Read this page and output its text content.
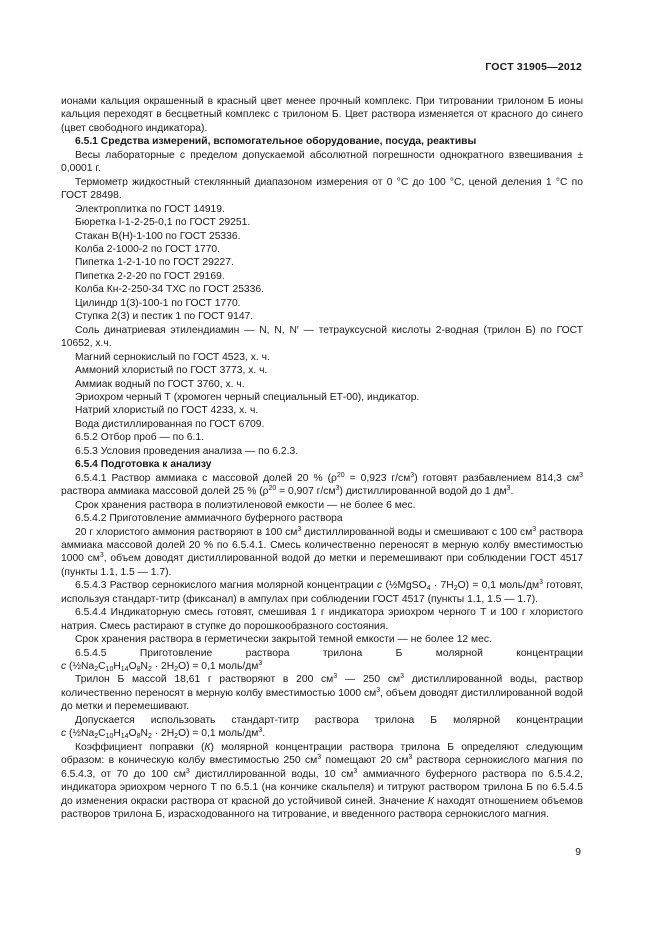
ГОСТ 31905—2012

ионами кальция окрашенный в красный цвет менее прочный комплекс. При титровании трилоном Б ионы кальция переходят в бесцветный комплекс с трилоном Б. Цвет раствора изменяется от красного до синего (цвет свободного индикатора).

6.5.1 Средства измерений, вспомогательное оборудование, посуда, реактивы

Весы лабораторные с пределом допускаемой абсолютной погрешности однократного взвешивания ± 0,0001 г.

Термометр жидкостный стеклянный диапазоном измерения от 0 °С до 100 °С, ценой деления 1 °С по ГОСТ 28498.

Электроплитка по ГОСТ 14919.

Бюретка I-1-2-25-0,1 по ГОСТ 29251.

Стакан В(Н)-1-100 по ГОСТ 25336.

Колба 2-1000-2 по ГОСТ 1770.

Пипетка 1-2-1-10 по ГОСТ 29227.

Пипетка 2-2-20 по ГОСТ 29169.

Колба Кн-2-250-34 ТХС по ГОСТ 25336.

Цилиндр 1(3)-100-1 по ГОСТ 1770.

Ступка 2(3) и пестик 1 по ГОСТ 9147.

Соль динатриевая этилендиамин — N, N, N′ — тетрауксусной кислоты 2-водная (трилон Б) по ГОСТ 10652, х.ч.

Магний сернокислый по ГОСТ 4523, х. ч.

Аммоний хлористый по ГОСТ 3773, х. ч.

Аммиак водный по ГОСТ 3760, х. ч.

Эриохром черный Т (хромоген черный специальный ЕТ-00), индикатор.

Натрий хлористый по ГОСТ 4233, х. ч.

Вода дистиллированная по ГОСТ 6709.

6.5.2 Отбор проб — по 6.1.

6.5.3 Условия проведения анализа — по 6.2.3.

6.5.4 Подготовка к анализу

6.5.4.1 Раствор аммиака с массовой долей 20 % ($\rho^{20} = 0,923$ $г/см^3$) готовят разбавлением 814,3 $см^3$ раствора аммиака массовой долей 25 % ($\rho^{20} = 0,907$ $г/см^3$) дистиллированной водой до 1 $дм^3$.

Срок хранения раствора в полиэтиленовой емкости — не более 6 мес.

6.5.4.2 Приготовление аммиачного буферного раствора

20 г хлористого аммония растворяют в 100 $см^3$ дистиллированной воды и смешивают с 100 $см^3$ раствора аммиака массовой долей 20 % по 6.5.4.1. Смесь количественно переносят в мерную колбу вместимостью 1000 $см^3$, объем доводят дистиллированной водой до метки и перемешивают при соблюдении ГОСТ 4517 (пункты 1.1, 1.5 — 1.7).

6.5.4.3 Раствор сернокислого магния молярной концентрации с (½MgSO$_4$ · $7H_2O) = 0,1$ моль/$дм^3$ готовят, используя стандарт-титр (фиксанал) в ампулах при соблюдении ГОСТ 4517 (пункты 1.1, 1.5 — 1.7).

6.5.4.4 Индикаторную смесь готовят, смешивая 1 г индикатора эриохром черного Т и 100 г хлористого натрия. Смесь растирают в ступке до порошкообразного состояния.

Срок хранения раствора в герметически закрытой темной емкости — не более 12 мес.

6.5.4.5 Приготовление раствора трилона Б молярной концентрации

с $(\frac{1}{2}Na_2C_{10}H_{14}O_8N_2 \cdot 2H_2O) = 0,1$ моль/$дм^3$

Трилон Б массой 18,61 г растворяют в 200 $см^3$ — 250 $см^3$ дистиллированной воды, раствор количественно переносят в мерную колбу вместимостью 1000 $см^3$, объем доводят дистиллированной водой до метки и перемешивают.

Допускается использовать стандарт-титр раствора трилона Б молярной концентрации

с $(\frac{1}{2}Na_2C_{10}H_{14}O_8N_2 \cdot 2H_2O) = 0,1$ моль/$дм^3$.

Коэффициент поправки (К) молярной концентрации раствора трилона Б определяют следующим образом: в коническую колбу вместимостью 250 $см^3$ помещают 20 $см^3$ раствора сернокислого магния по 6.5.4.3, от 70 до 100 $см^3$ дистиллированной воды, 10 $см^3$ аммиачного буферного раствора по 6.5.4.2, индикатора эриохром черного Т по 6.5.1 (на кончике скальпеля) и титруют раствором трилона Б по 6.5.4.5 до изменения окраски раствора от красной до устойчивой синей. Значение К находят отношением объемов растворов трилона Б, израсходованного на титрование, и введенного раствора сернокислого магния.

9
